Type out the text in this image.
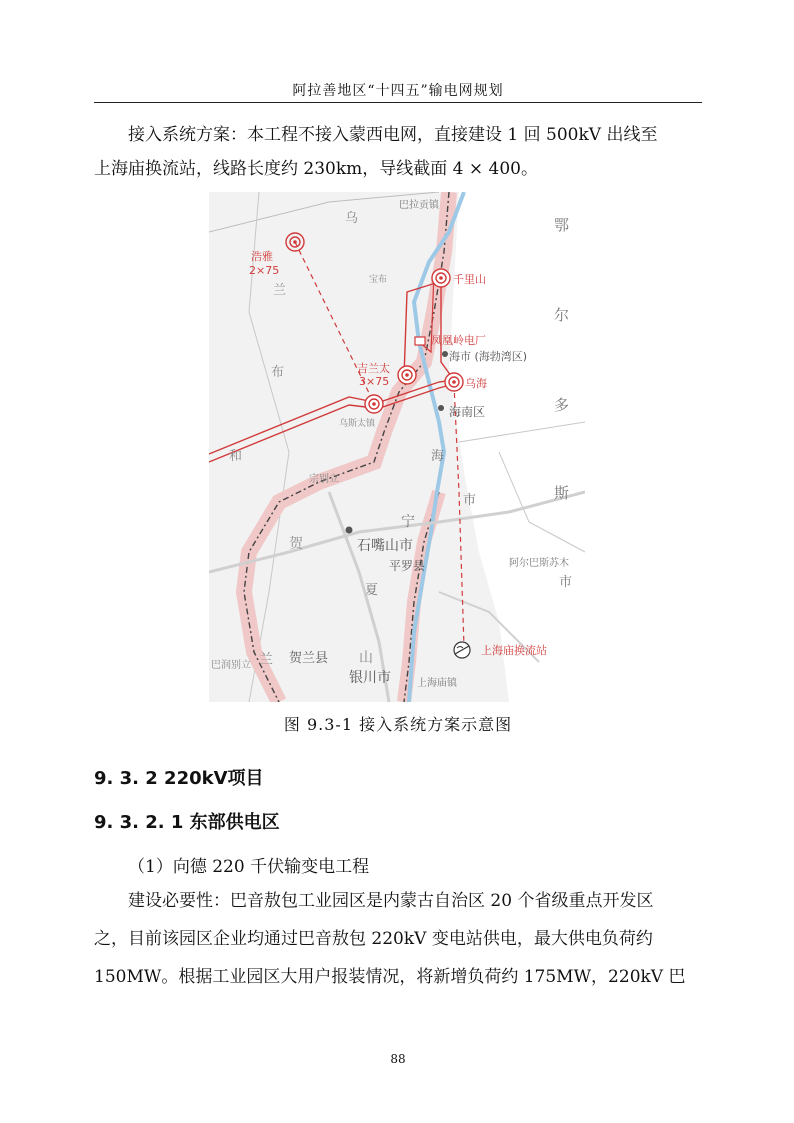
阿拉善地区“十四五”输电网规划

接入系统方案：本工程不接入蒙西电网，直接建设 1 回 500kV 出线至

上海庙换流站，线路长度约 230km，导线截面 4 × 400。

浩雅
2×75
千里山
凤凰岭电厂
吉兰太
3×75	乌海
海市 (海勃湾区)
海南区
巴拉贡镇
石嘴山市
平罗县
贺兰县
银川市	上海庙镇
上海庙换流站
阿尔巴斯苏木
鄂
尔
多
斯
市
乌
兰
布
和	海
市
宁
夏
贺
兰	山
巴润别立
宗别立
乌斯太镇
宝布
图 9.3-1 接入系统方案示意图
9. 3. 2 220kV项目
9. 3. 2. 1 东部供电区
（1）向德 220 千伏输变电工程

建设必要性：巴音敖包工业园区是内蒙古自治区 20 个省级重点开发区

之，目前该园区企业均通过巴音敖包 220kV 变电站供电，最大供电负荷约

150MW。根据工业园区大用户报装情况，将新增负荷约 175MW，220kV 巴

88
